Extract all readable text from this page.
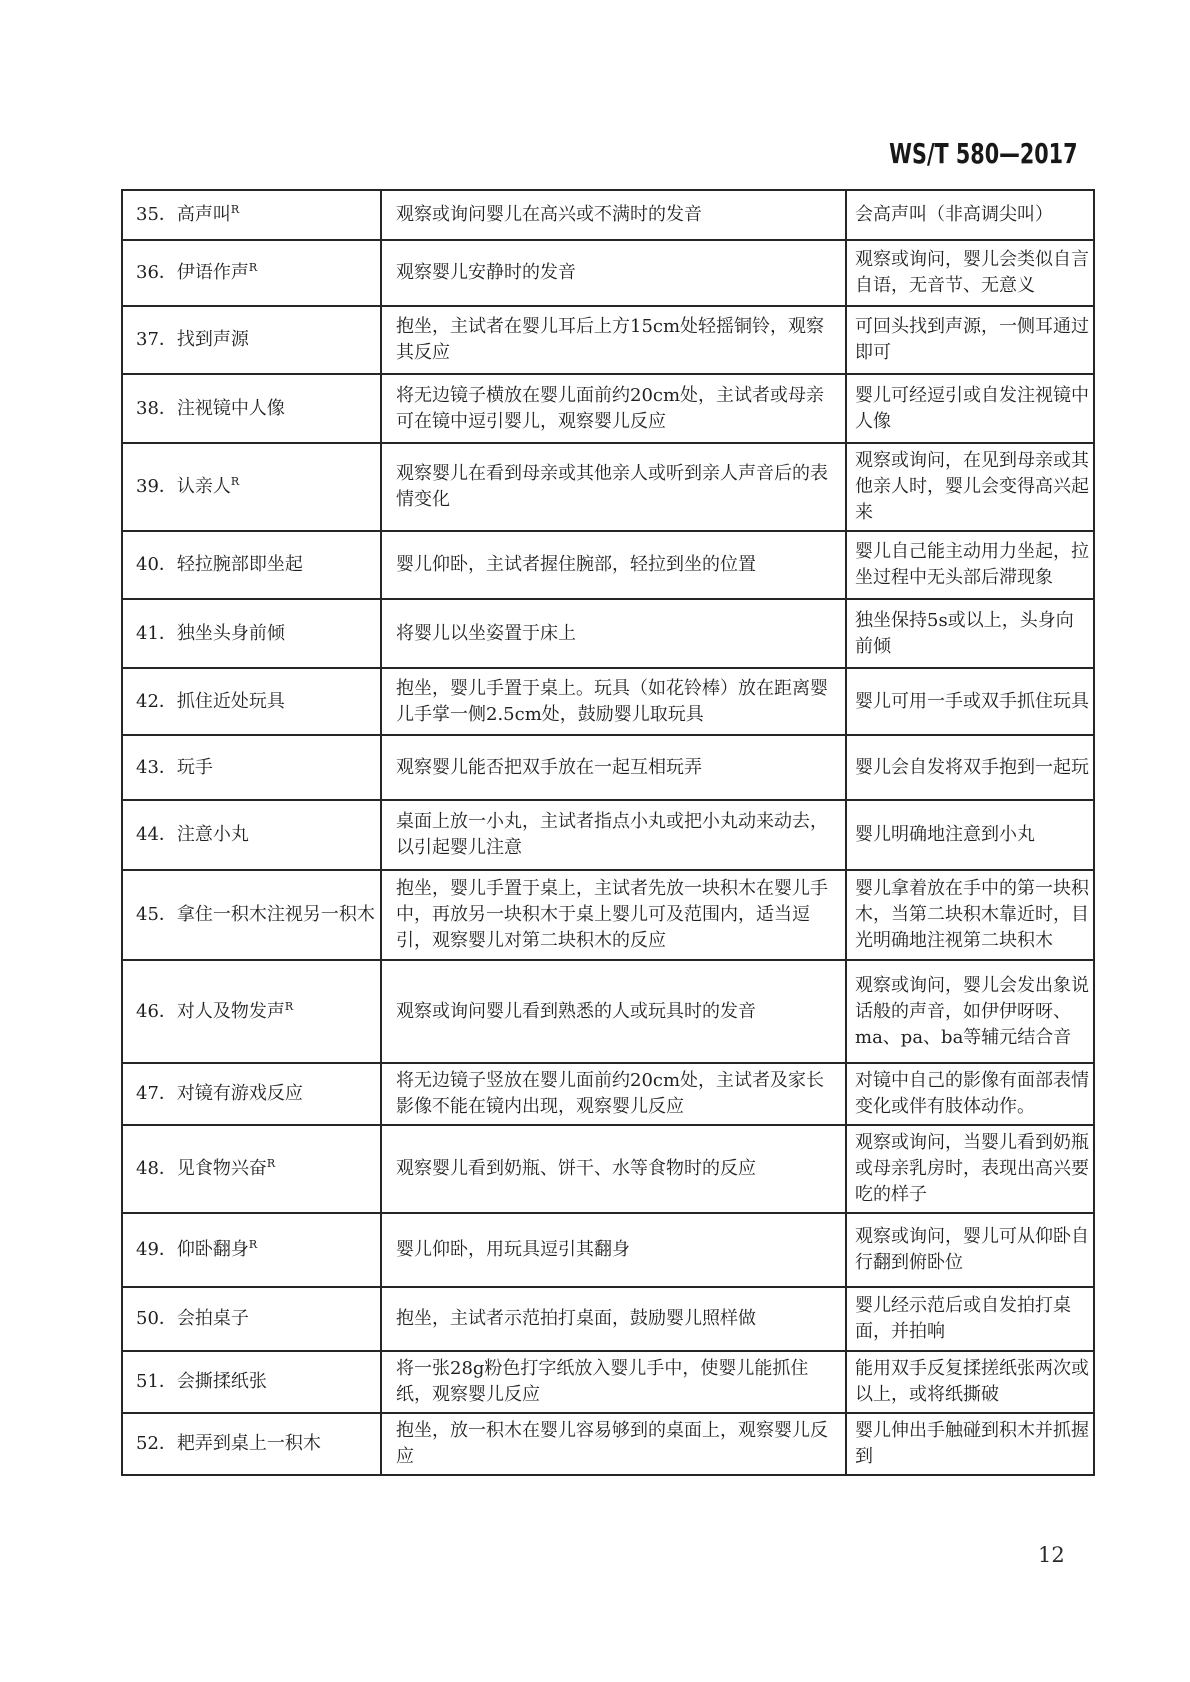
WS/T 580—2017
35．高声叫$^R$	观察或询问婴儿在高兴或不满时的发音	会高声叫（非高调尖叫）
36．伊语作声$^R$	观察婴儿安静时的发音	观察或询问，婴儿会类似自言自语，无音节、无意义
37．找到声源	抱坐，主试者在婴儿耳后上方15cm处轻摇铜铃，观察其反应	可回头找到声源，一侧耳通过即可
38．注视镜中人像	将无边镜子横放在婴儿面前约20cm处，主试者或母亲可在镜中逗引婴儿，观察婴儿反应	婴儿可经逗引或自发注视镜中人像
39．认亲人$^R$	观察婴儿在看到母亲或其他亲人或听到亲人声音后的表情变化	观察或询问，在见到母亲或其他亲人时，婴儿会变得高兴起来
40．轻拉腕部即坐起	婴儿仰卧，主试者握住腕部，轻拉到坐的位置	婴儿自己能主动用力坐起，拉坐过程中无头部后滞现象
41．独坐头身前倾	将婴儿以坐姿置于床上	独坐保持5s或以上，头身向前倾
42．抓住近处玩具	抱坐，婴儿手置于桌上。玩具（如花铃棒）放在距离婴儿手掌一侧2.5cm处，鼓励婴儿取玩具	婴儿可用一手或双手抓住玩具
43．玩手	观察婴儿能否把双手放在一起互相玩弄	婴儿会自发将双手抱到一起玩
44．注意小丸	桌面上放一小丸，主试者指点小丸或把小丸动来动去，以引起婴儿注意	婴儿明确地注意到小丸
45．拿住一积木注视另一积木	抱坐，婴儿手置于桌上，主试者先放一块积木在婴儿手中，再放另一块积木于桌上婴儿可及范围内，适当逗引，观察婴儿对第二块积木的反应	婴儿拿着放在手中的第一块积木，当第二块积木靠近时，目光明确地注视第二块积木
46．对人及物发声$^R$	观察或询问婴儿看到熟悉的人或玩具时的发音	观察或询问，婴儿会发出象说话般的声音，如伊伊呀呀、ma、pa、ba等辅元结合音
47．对镜有游戏反应	将无边镜子竖放在婴儿面前约20cm处，主试者及家长影像不能在镜内出现，观察婴儿反应	对镜中自己的影像有面部表情变化或伴有肢体动作。
48．见食物兴奋$^R$	观察婴儿看到奶瓶、饼干、水等食物时的反应	观察或询问，当婴儿看到奶瓶或母亲乳房时，表现出高兴要吃的样子
49．仰卧翻身$^R$	婴儿仰卧，用玩具逗引其翻身	观察或询问，婴儿可从仰卧自行翻到俯卧位
50．会拍桌子	抱坐，主试者示范拍打桌面，鼓励婴儿照样做	婴儿经示范后或自发拍打桌面，并拍响
51．会撕揉纸张	将一张28g粉色打字纸放入婴儿手中，使婴儿能抓住纸，观察婴儿反应	能用双手反复揉搓纸张两次或以上，或将纸撕破
52．耙弄到桌上一积木	抱坐，放一积木在婴儿容易够到的桌面上，观察婴儿反应	婴儿伸出手触碰到积木并抓握到
12
